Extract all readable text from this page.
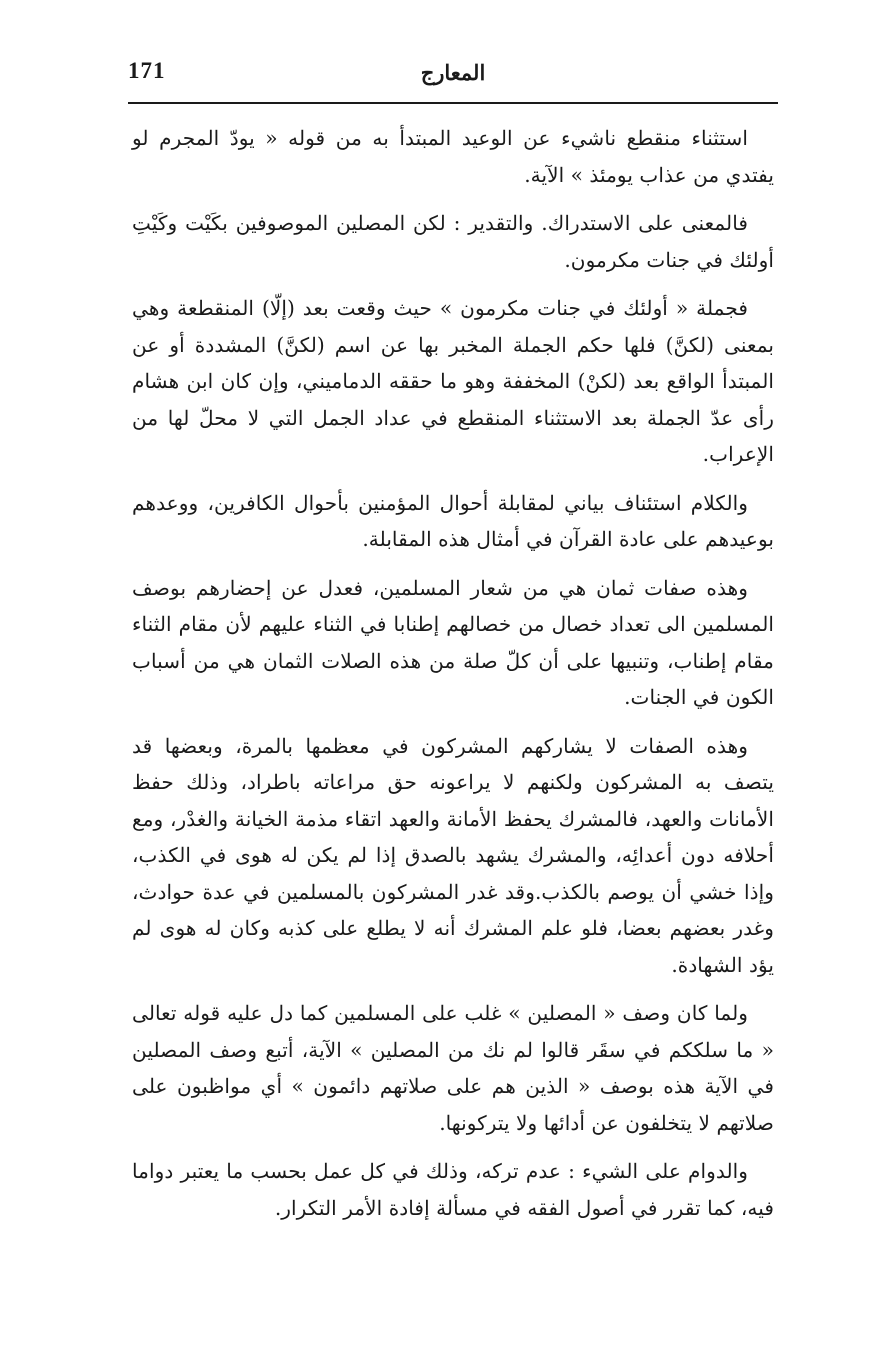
171	المعارج

استثناء منقطع ناشيء عن الوعيد المبتدأ به من قوله « يودّ المجرم لو يفتدي من عذاب يومئذ » الآية.

فالمعنى على الاستدراك. والتقدير : لكن المصلين الموصوفين بكَيْت وكَيْتِ أولئك في جنات مكرمون.

فجملة « أولئك في جنات مكرمون » حيث وقعت بعد (إلّا) المنقطعة وهي بمعنى (لكنَّ) فلها حكم الجملة المخبر بها عن اسم (لكنَّ) المشددة أو عن المبتدأ الواقع بعد (لكنْ) المخففة وهو ما حققه الدماميني، وإن كان ابن هشام رأى عدّ الجملة بعد الاستثناء المنقطع في عداد الجمل التي لا محلّ لها من الإعراب.

والكلام استئناف بياني لمقابلة أحوال المؤمنين بأحوال الكافرين، ووعدهم بوعيدهم على عادة القرآن في أمثال هذه المقابلة.

وهذه صفات ثمان هي من شعار المسلمين، فعدل عن إحضارهم بوصف المسلمين الى تعداد خصال من خصالهم إطنابا في الثناء عليهم لأن مقام الثناء مقام إطناب، وتنبيها على أن كلّ صلة من هذه الصلات الثمان هي من أسباب الكون في الجنات.

وهذه الصفات لا يشاركهم المشركون في معظمها بالمرة، وبعضها قد يتصف به المشركون ولكنهم لا يراعونه حق مراعاته باطراد، وذلك حفظ الأمانات والعهد، فالمشرك يحفظ الأمانة والعهد اتقاء مذمة الخيانة والغدْر، ومع أحلافه دون أعدائِه، والمشرك يشهد بالصدق إذا لم يكن له هوى في الكذب، وإذا خشي أن يوصم بالكذب.وقد غدر المشركون بالمسلمين في عدة حوادث، وغدر بعضهم بعضا، فلو علم المشرك أنه لا يطلع على كذبه وكان له هوى لم يؤد الشهادة.

ولما كان وصف « المصلين » غلب على المسلمين كما دل عليه قوله تعالى « ما سلككم في سقَر قالوا لم نك من المصلين » الآية، أتبع وصف المصلين في الآية هذه بوصف « الذين هم على صلاتهم دائمون » أي مواظبون على صلاتهم لا يتخلفون عن أدائها ولا يتركونها.

والدوام على الشيء : عدم تركه، وذلك في كل عمل بحسب ما يعتبر دواما فيه، كما تقرر في أصول الفقه في مسألة إفادة الأمر التكرار.
